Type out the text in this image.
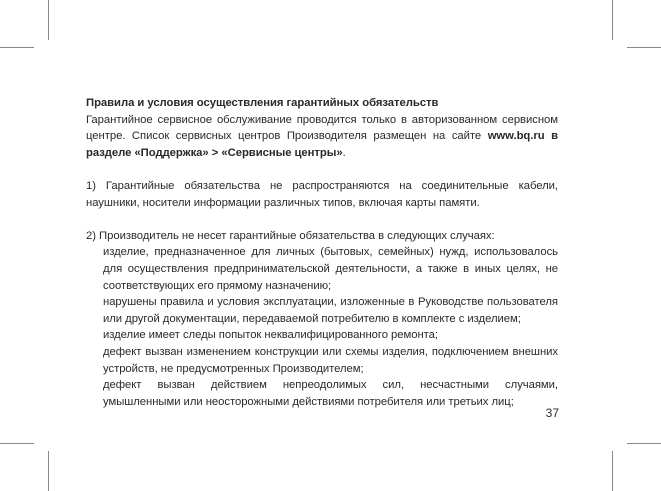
Правила и условия осуществления гарантийных обязательств

Гарантийное сервисное обслуживание проводится только в авторизованном сервисном центре. Список сервисных центров Производителя размещен на сайте www.bq.ru в разделе «Поддержка» > «Сервисные центры».

1) Гарантийные обязательства не распространяются на соединительные кабели, наушники, носители информации различных типов, включая карты памяти.

2) Производитель не несет гарантийные обязательства в следующих случаях:

изделие, предназначенное для личных (бытовых, семейных) нужд, использовалось для осуществления предпринимательской деятельности, а также в иных целях, не соответствующих его прямому назначению;

нарушены правила и условия эксплуатации, изложенные в Руководстве пользователя или другой документации, передаваемой потребителю в комплекте с изделием;

изделие имеет следы попыток неквалифицированного ремонта;

дефект вызван изменением конструкции или схемы изделия, подключением внешних устройств, не предусмотренных Производителем;

дефект вызван действием непреодолимых сил, несчастными случаями, умышленными или неосторожными действиями потребителя или третьих лиц;

37
